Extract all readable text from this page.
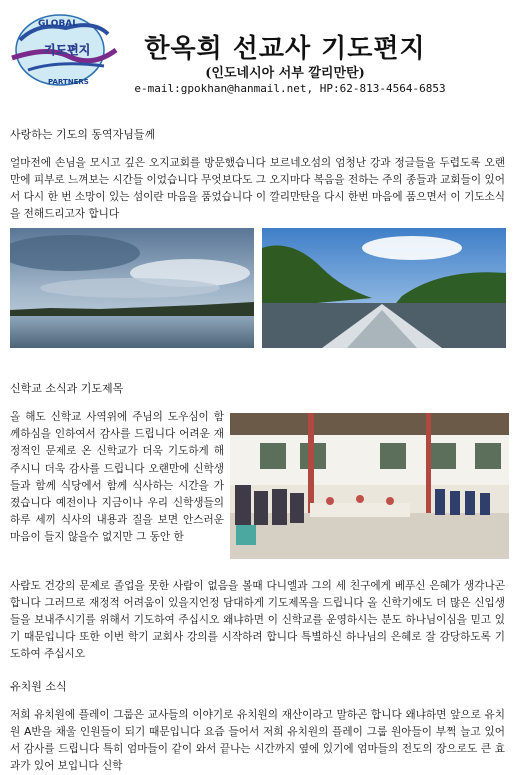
GLOBAL
기도편지
PARTNERS
한옥희 선교사 기도편지
(인도네시아 서부 깔리만탄)
e-mail:gpokhan@hanmail.net, HP:62-813-4564-6853
사랑하는 기도의 동역자님들께
얼마전에 손님을 모시고 깊은 오지교회를 방문했습니다 보르네오섬의 엄청난 강과 정글들을 두렵도록 오랜만에 피부로 느껴보는 시간들 이었습니다 무엇보다도 그 오지마다 복음을 전하는 주의 종들과 교회들이 있어서 다시 한 번 소망이 있는 섬이란 마음을 품었습니다 이 깔리만탄을 다시 한번 마음에 품으면서 이 기도소식을 전해드리고자 합니다
신학교 소식과 기도제목
올 해도 신학교 사역위에 주님의 도우심이 함께하심을 인하여서 감사를 드립니다 어려운 재정적인 문제로 온 신학교가 더욱 기도하게 해주시니 더욱 감사를 드립니다 오랜만에 신학생들과 함께 식당에서 함께 식사하는 시간을 가졌습니다 예전이나 지금이나 우리 신학생들의 하루 세끼 식사의 내용과 질을 보면 안스러운 마음이 들지 않을수 없지만 그 동안 한
사람도 건강의 문제로 졸업을 못한 사람이 없음을 볼때 다니엘과 그의 세 친구에게 베푸신 은혜가 생각나곤 합니다 그러므로 재정적 어려움이 있을지언정 담대하게 기도제목을 드립니다 올 신학기에도 더 많은 신입생들을 보내주시기를 위해서 기도하여 주십시오 왜냐하면 이 신학교를 운영하시는 분도 하나님이심을 믿고 있기 때문입니다 또한 이번 학기 교회사 강의를 시작하려 합니다 특별하신 하나님의 은혜로 잘 감당하도록 기도하여 주십시오
유치원 소식
저희 유치원에 플레이 그룹은 교사들의 이야기로 유치원의 재산이라고 말하곤 합니다 왜냐하면 앞으로 유치원 A반을 채울 인원들이 되기 때문입니다 요즘 들어서 저희 유치원의 플레이 그룹 원아들이 부쩍 늘고 있어서 감사를 드립니다 특히 엄마들이 같이 와서 끝나는 시간까지 옆에 있기에 엄마들의 전도의 장으로도 큰 효과가 있어 보입니다 신학
